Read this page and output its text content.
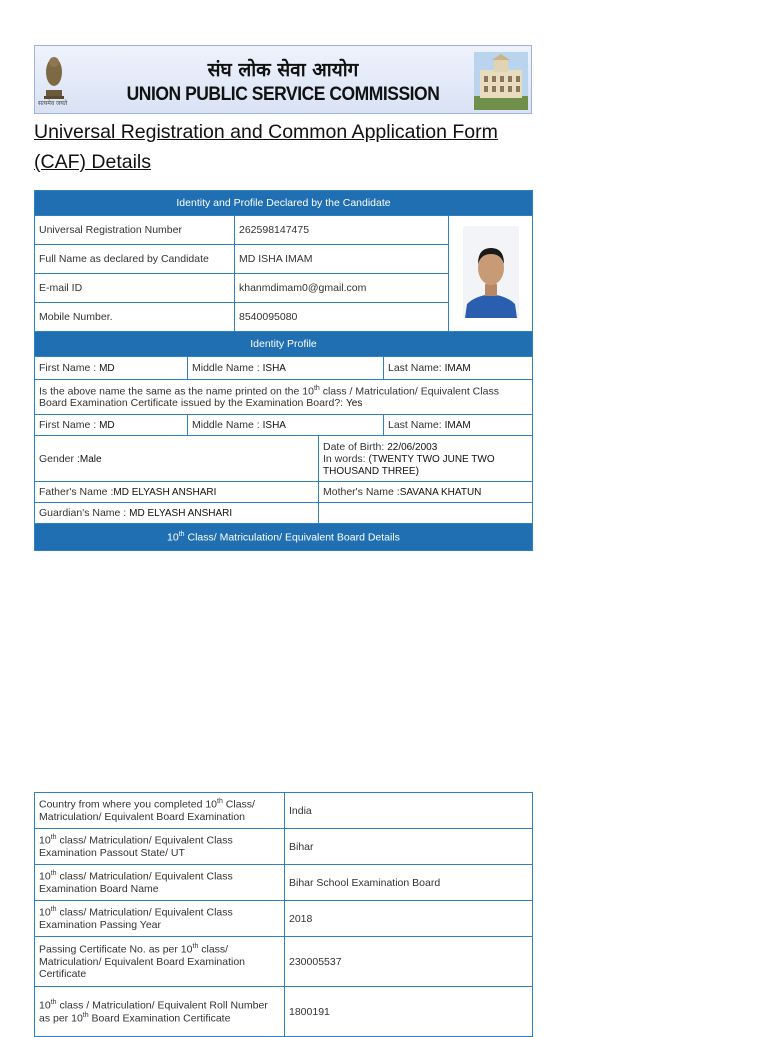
सत्यमेव जयते
संघ लोक सेवा आयोग
UNION PUBLIC SERVICE COMMISSION
Universal Registration and Common Application Form (CAF) Details
Identity and Profile Declared by the Candidate					
Universal Registration Number		262598147475	
Full Name as declared by Candidate		MD ISHA IMAM			
E-mail ID		khanmdimam0@gmail.com			
Mobile Number.		8540095080			
Identity Profile					
First Name : MD	Middle Name : ISHA			Last Name: IMAM	
Is the above name the same as the name printed on the 10th class / Matriculation/ Equivalent Class Board Examination Certificate issued by the Examination Board?: Yes					
First Name : MD	Middle Name : ISHA			Last Name: IMAM	
Gender :Male			Date of Birth: 22/06/2003
In words: (TWENTY TWO JUNE TWO THOUSAND THREE)		

Father's Name :MD ELYASH ANSHARI			Mother's Name :SAVANA KHATUN		
Guardian's Name : MD ELYASH ANSHARI					
10th Class/ Matriculation/ Equivalent Board Details					
Country from where you completed 10th Class/ Matriculation/ Equivalent Board Examination	India
10th class/ Matriculation/ Equivalent Class Examination Passout State/ UT	Bihar
10th class/ Matriculation/ Equivalent Class Examination Board Name	Bihar School Examination Board
10th class/ Matriculation/ Equivalent Class Examination Passing Year	2018
Passing Certificate No. as per 10th class/ Matriculation/ Equivalent Board Examination Certificate	230005537
10th class / Matriculation/ Equivalent Roll Number as per 10th Board Examination Certificate	1800191
